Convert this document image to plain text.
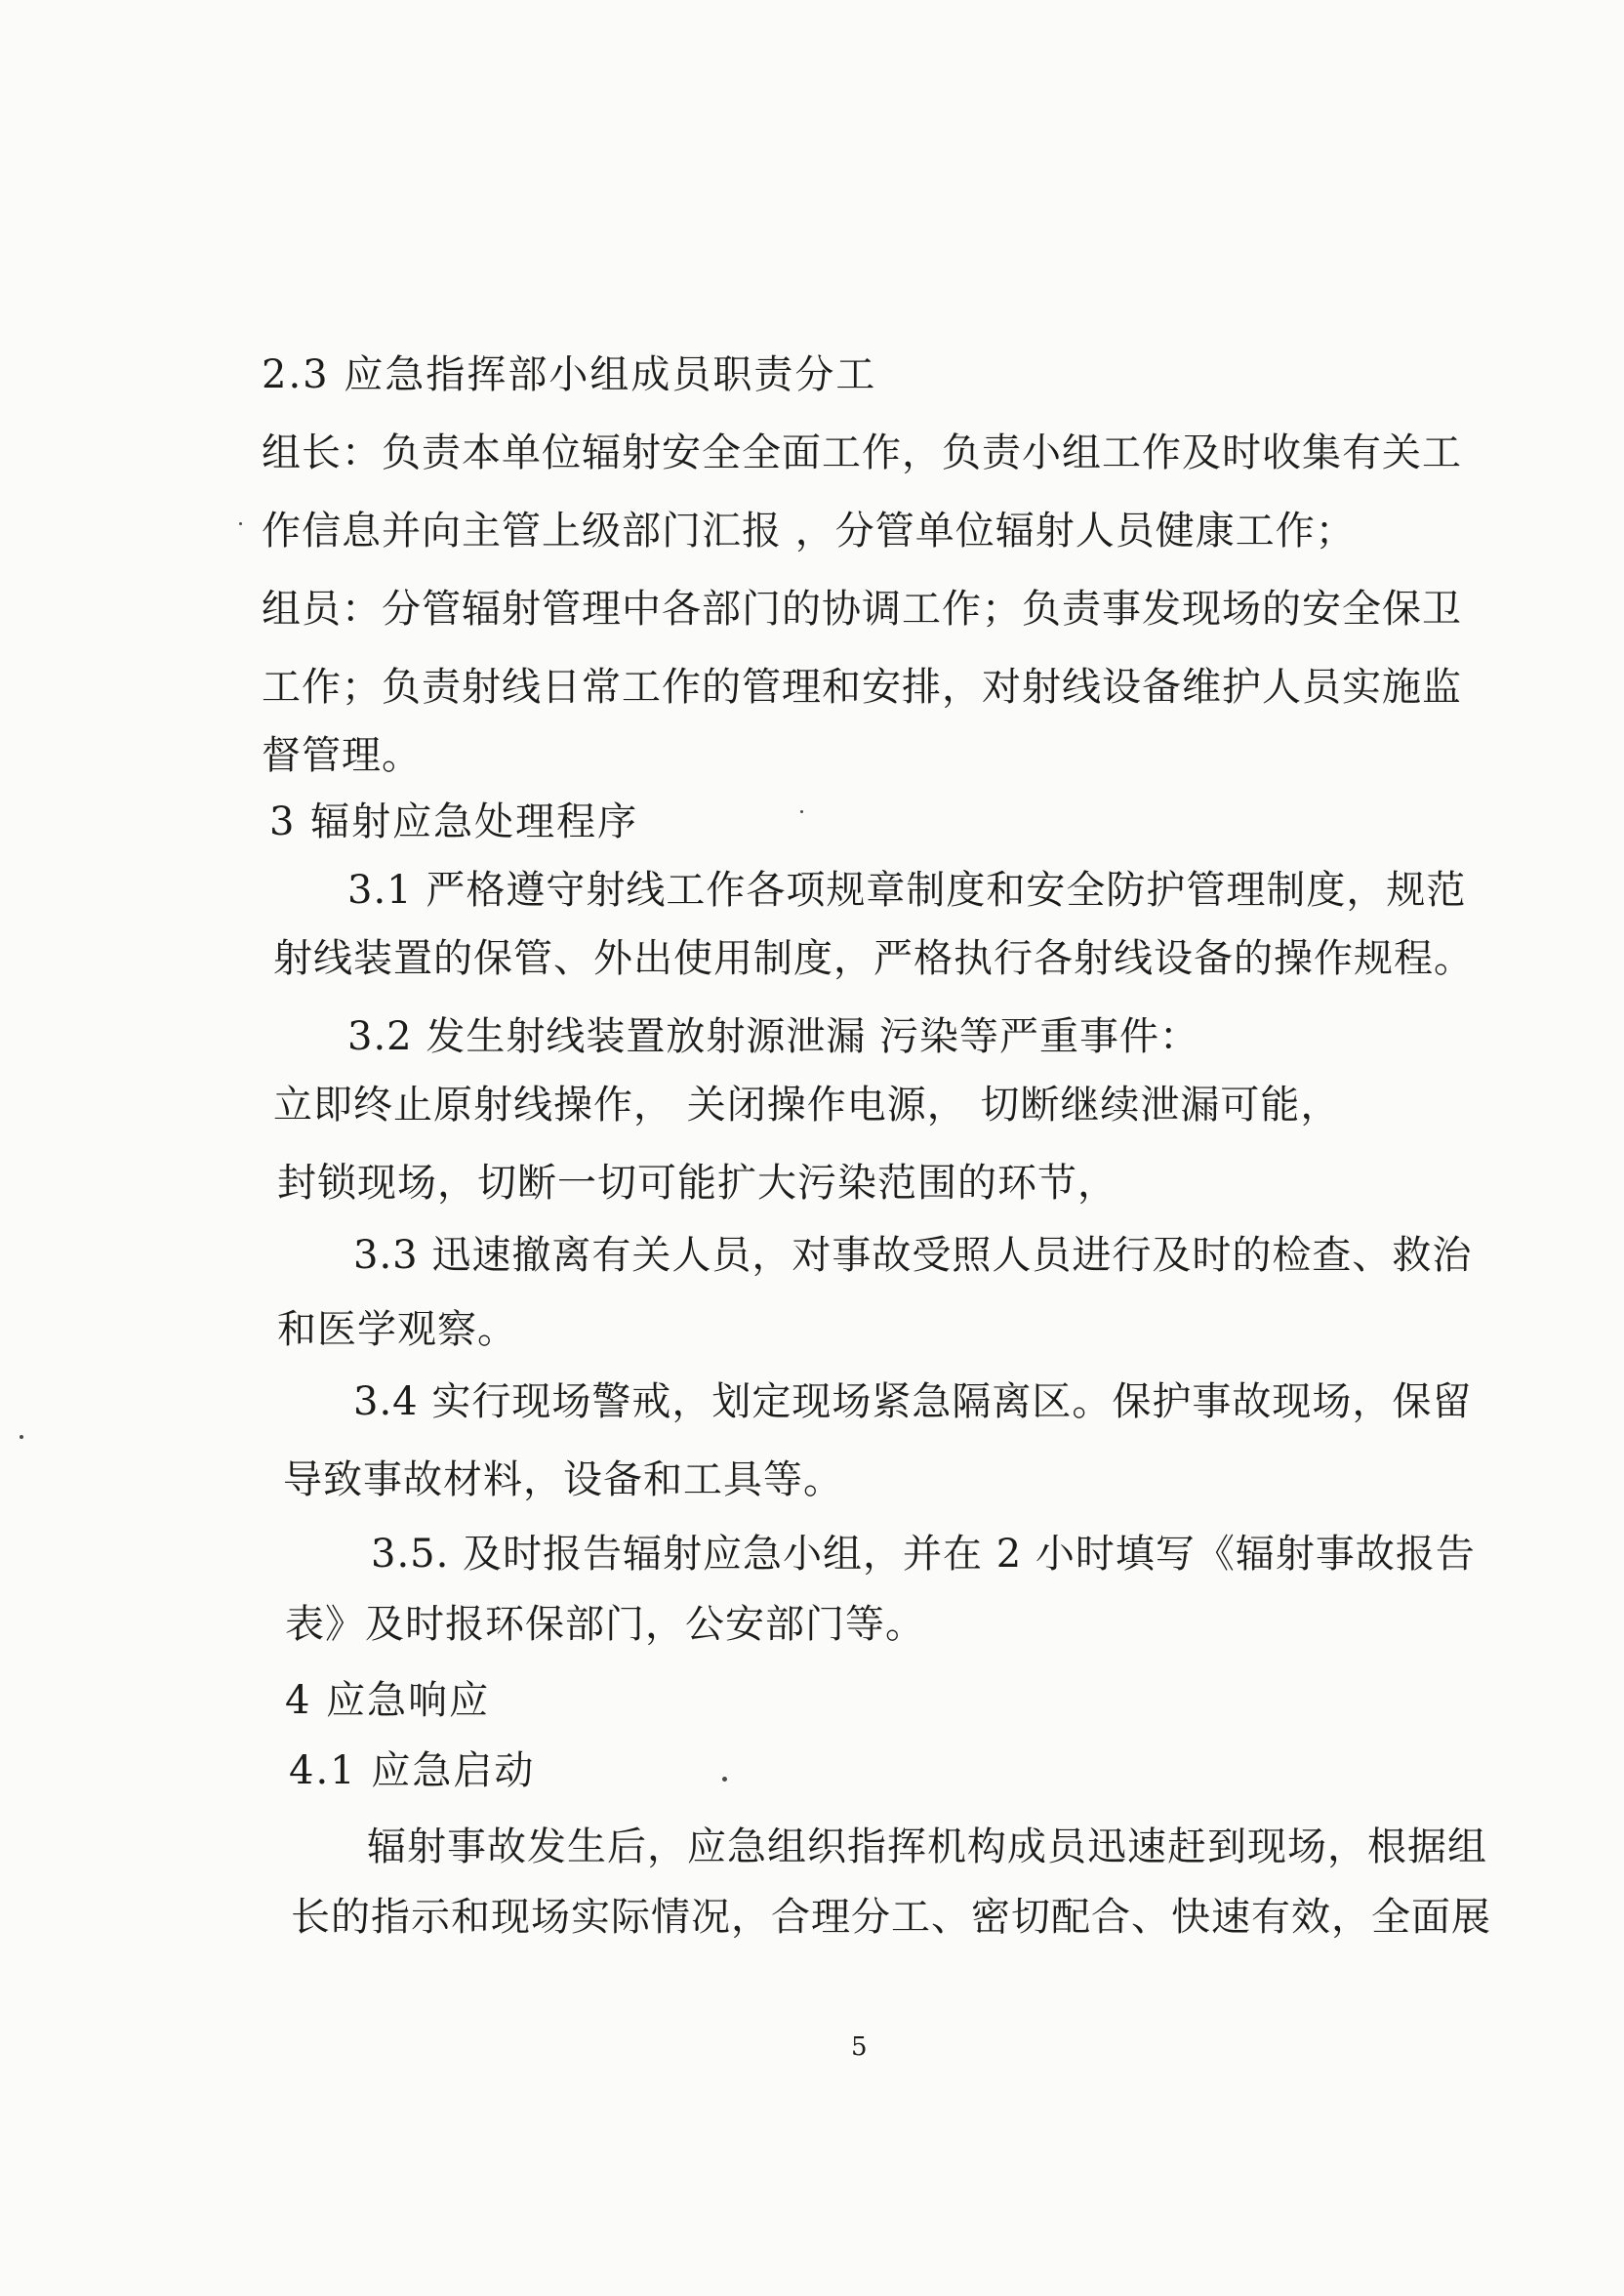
2.3 应急指挥部小组成员职责分工
组长：负责本单位辐射安全全面工作，负责小组工作及时收集有关工
作信息并向主管上级部门汇报 ，分管单位辐射人员健康工作；
组员：分管辐射管理中各部门的协调工作；负责事发现场的安全保卫
工作；负责射线日常工作的管理和安排，对射线设备维护人员实施监
督管理。
3 辐射应急处理程序
3.1 严格遵守射线工作各项规章制度和安全防护管理制度，规范
射线装置的保管、外出使用制度，严格执行各射线设备的操作规程。
3.2 发生射线装置放射源泄漏 污染等严重事件：
立即终止原射线操作， 关闭操作电源， 切断继续泄漏可能，
封锁现场，切断一切可能扩大污染范围的环节，
3.3 迅速撤离有关人员，对事故受照人员进行及时的检查、救治
和医学观察。
3.4 实行现场警戒，划定现场紧急隔离区。保护事故现场，保留
导致事故材料，设备和工具等。
3.5. 及时报告辐射应急小组，并在 2 小时填写《辐射事故报告
表》及时报环保部门，公安部门等。
4 应急响应
4.1 应急启动
辐射事故发生后，应急组织指挥机构成员迅速赶到现场，根据组
长的指示和现场实际情况，合理分工、密切配合、快速有效，全面展
5
